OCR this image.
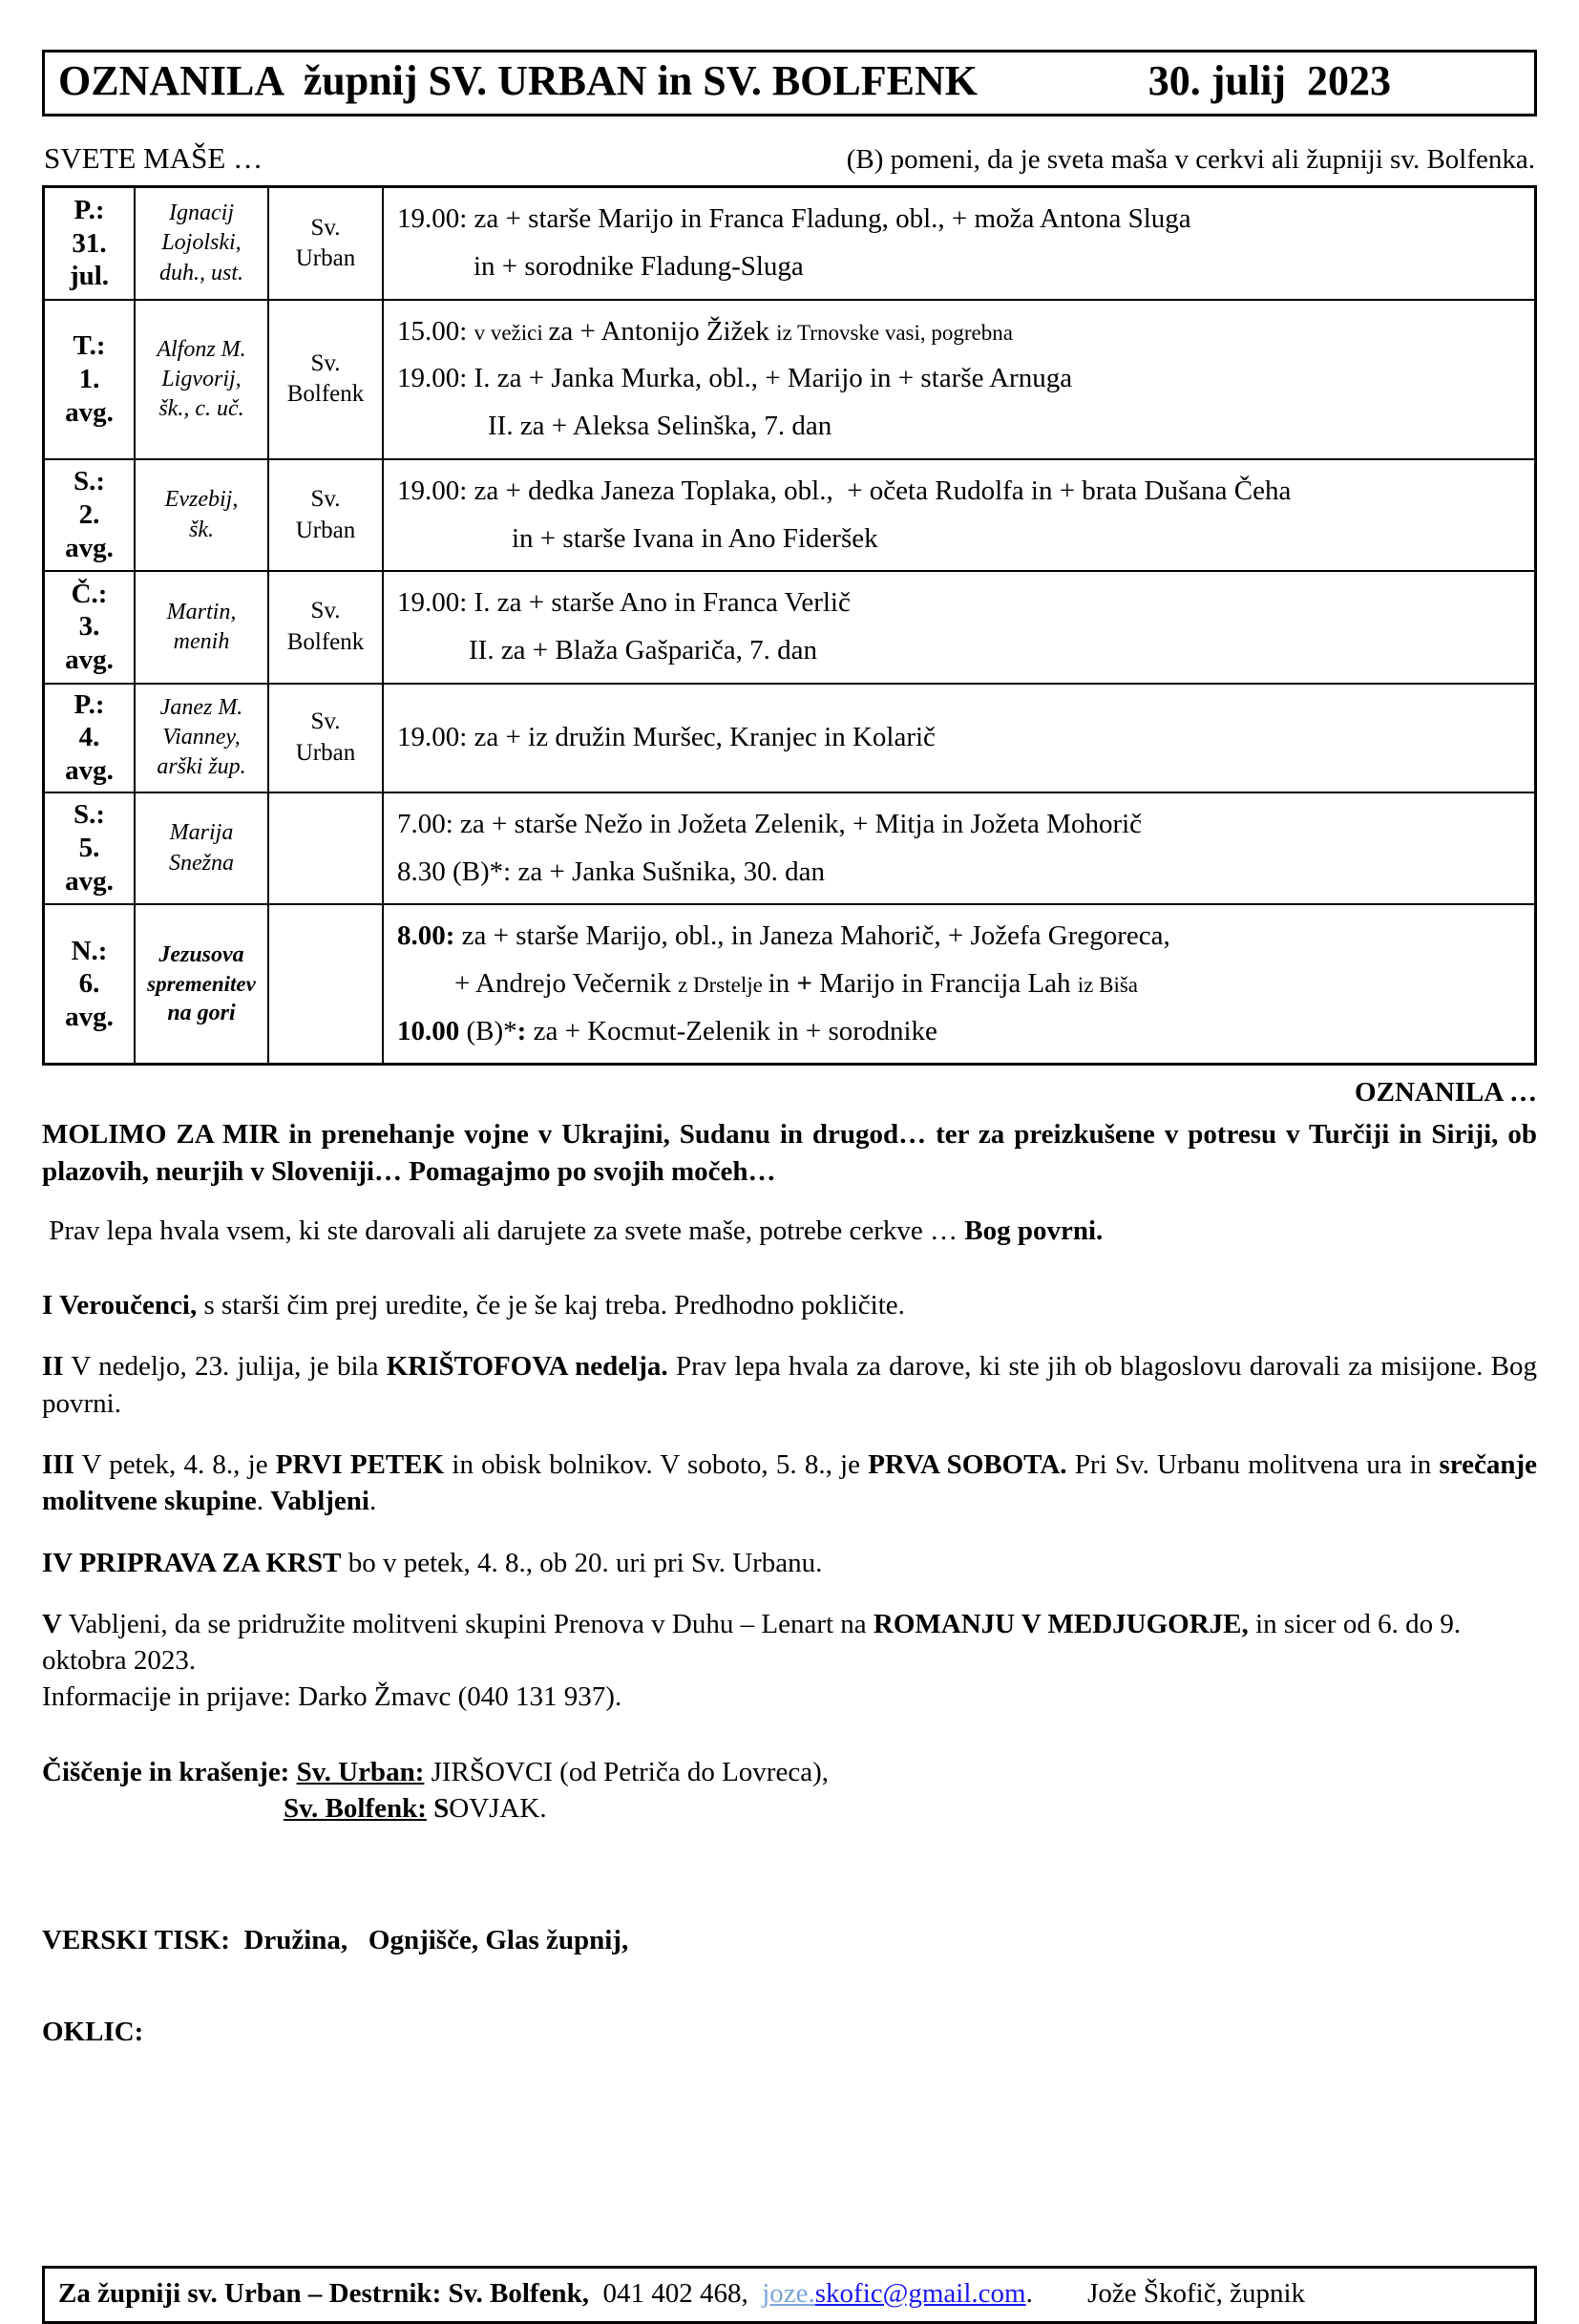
OZNANILA  župnij SV. URBAN in SV. BOLFENK	30. julij  2023
SVETE MAŠE …	(B) pomeni, da je sveta maša v cerkvi ali župniji sv. Bolfenka.
P.:
31.
jul.
Ignacij
Lojolski,
duh., ust.
Sv.
Urban
19.00: za + starše Marijo in Franca Fladung, obl., + moža Antona Sluga
in + sorodnike Fladung-Sluga
T.:
1.
avg.
Alfonz M.
Ligvorij,
šk., c. uč.
Sv.
Bolfenk
15.00: v vežici za + Antonijo Žižek iz Trnovske vasi, pogrebna
19.00: I. za + Janka Murka, obl., + Marijo in + starše Arnuga
II. za + Aleksa Selinška, 7. dan
S.:
2.
avg.
Evzebij,
šk.
Sv.
Urban
19.00: za + dedka Janeza Toplaka, obl.,  + očeta Rudolfa in + brata Dušana Čeha
in + starše Ivana in Ano Fideršek
Č.:
3.
avg.
Martin,
menih
Sv.
Bolfenk
19.00: I. za + starše Ano in Franca Verlič
II. za + Blaža Gašpariča, 7. dan
P.:
4.
avg.
Janez M.
Vianney,
arški žup.
Sv.
Urban
19.00: za + iz družin Muršec, Kranjec in Kolarič
S.:
5.
avg.
Marija
Snežna
7.00: za + starše Nežo in Jožeta Zelenik, + Mitja in Jožeta Mohorič
8.30 (B)*: za + Janka Sušnika, 30. dan
N.:
6.
avg.
Jezusova
spremenitev
na gori
8.00: za + starše Marijo, obl., in Janeza Mahorič, + Jožefa Gregoreca,
+ Andrejo Večernik z Drstelje in + Marijo in Francija Lah iz Biša
10.00 (B)*: za + Kocmut-Zelenik in + sorodnike
OZNANILA …

MOLIMO ZA MIR in prenehanje vojne v Ukrajini, Sudanu in drugod… ter za preizkušene v potresu v Turčiji in Siriji, ob plazovih, neurjih v Sloveniji… Pomagajmo po svojih močeh…

Prav lepa hvala vsem, ki ste darovali ali darujete za svete maše, potrebe cerkve … Bog povrni.

I Veroučenci, s starši čim prej uredite, če je še kaj treba. Predhodno pokličite.

II V nedeljo, 23. julija, je bila KRIŠTOFOVA nedelja. Prav lepa hvala za darove, ki ste jih ob blagoslovu darovali za misijone. Bog povrni.

III V petek, 4. 8., je PRVI PETEK in obisk bolnikov. V soboto, 5. 8., je PRVA SOBOTA. Pri Sv. Urbanu molitvena ura in srečanje molitvene skupine. Vabljeni.

IV PRIPRAVA ZA KRST bo v petek, 4. 8., ob 20. uri pri Sv. Urbanu.

V Vabljeni, da se pridružite molitveni skupini Prenova v Duhu – Lenart na ROMANJU V MEDJUGORJE, in sicer od 6. do 9. oktobra 2023.
Informacije in prijave: Darko Žmavc (040 131 937).

Čiščenje in krašenje: Sv. Urban: JIRŠOVCI (od Petriča do Lovreca),
Sv. Bolfenk: SOVJAK.

VERSKI TISK:  Družina,   Ognjišče, Glas župnij,

OKLIC:

Za župniji sv. Urban – Destrnik: Sv. Bolfenk,  041 402 468,  joze.skofic@gmail.com. Jože Škofič, župnik
